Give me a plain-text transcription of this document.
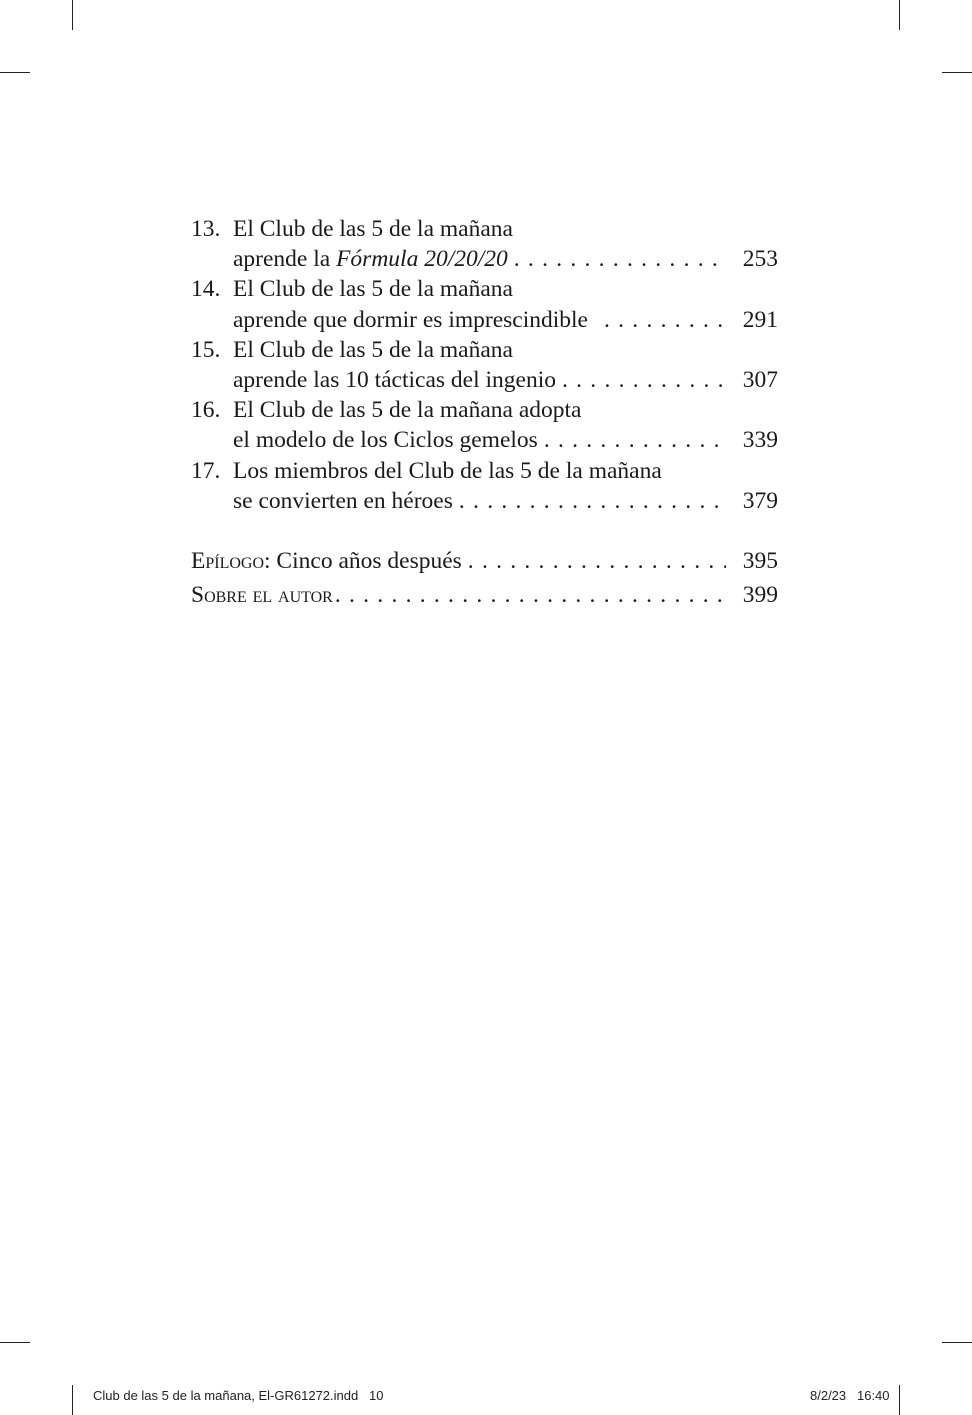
13. El Club de las 5 de la mañana
aprende la Fórmula 20/20/20 . . .	253
14. El Club de las 5 de la mañana
aprende que dormir es imprescindible . . .	291
15. El Club de las 5 de la mañana
aprende las 10 tácticas del ingenio . . .	307
16. El Club de las 5 de la mañana adopta
el modelo de los Ciclos gemelos . . .	339
17. Los miembros del Club de las 5 de la mañana
se convierten en héroes . . .	379
Epílogo: Cinco años después . . .	395
Sobre el autor . . .	399
Club de las 5 de la mañana, El-GR61272.indd   10	8/2/23   16:40
